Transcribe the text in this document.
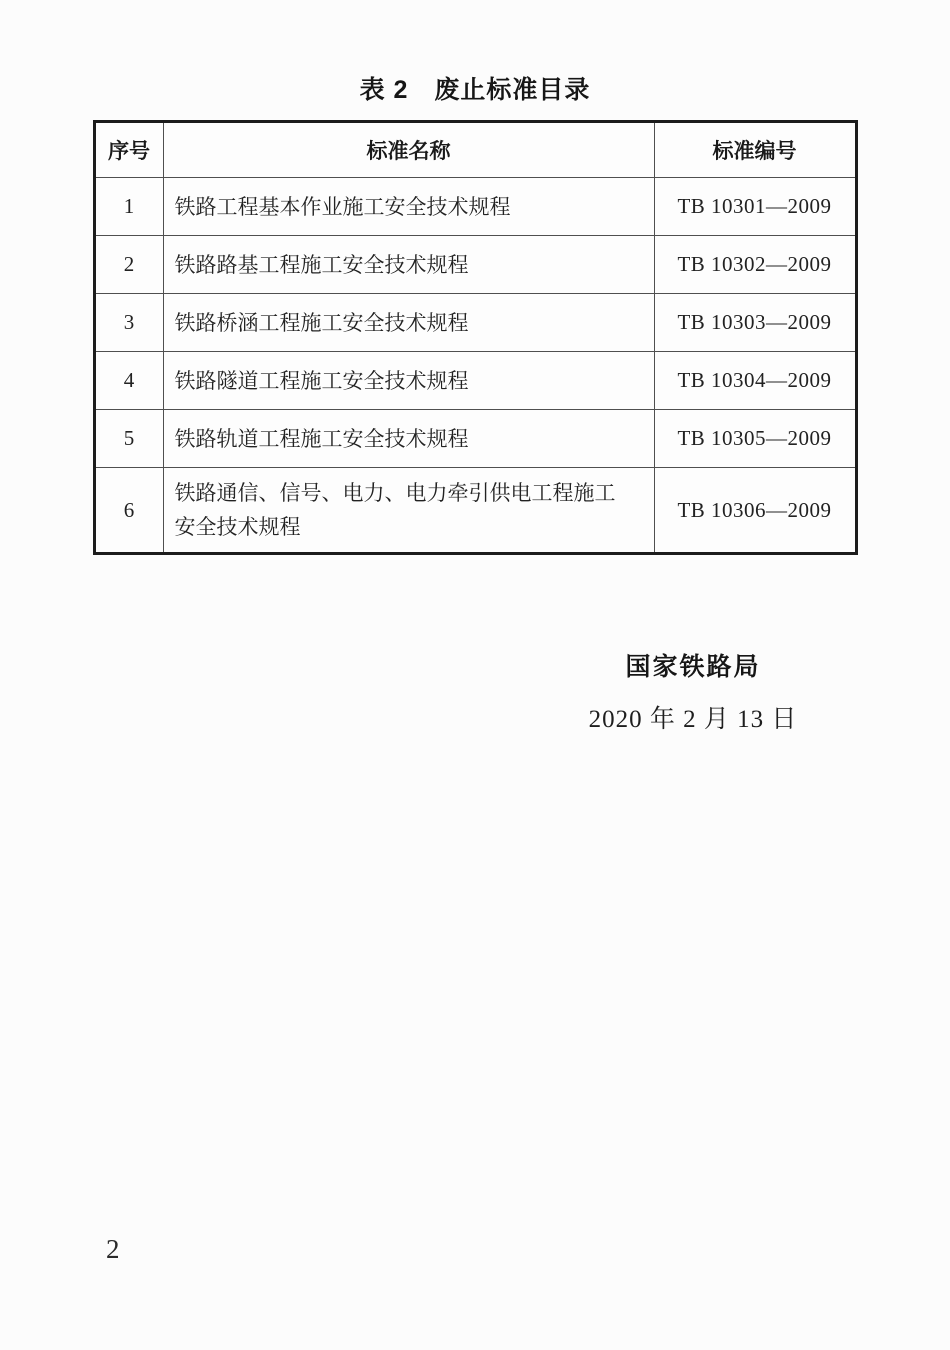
表 2　废止标准目录
序号	标准名称	标准编号
1	铁路工程基本作业施工安全技术规程	TB 10301—2009
2	铁路路基工程施工安全技术规程	TB 10302—2009
3	铁路桥涵工程施工安全技术规程	TB 10303—2009
4	铁路隧道工程施工安全技术规程	TB 10304—2009
5	铁路轨道工程施工安全技术规程	TB 10305—2009
6	铁路通信、信号、电力、电力牵引供电工程施工安全技术规程	TB 10306—2009
国家铁路局
2020 年 2 月 13 日
2
